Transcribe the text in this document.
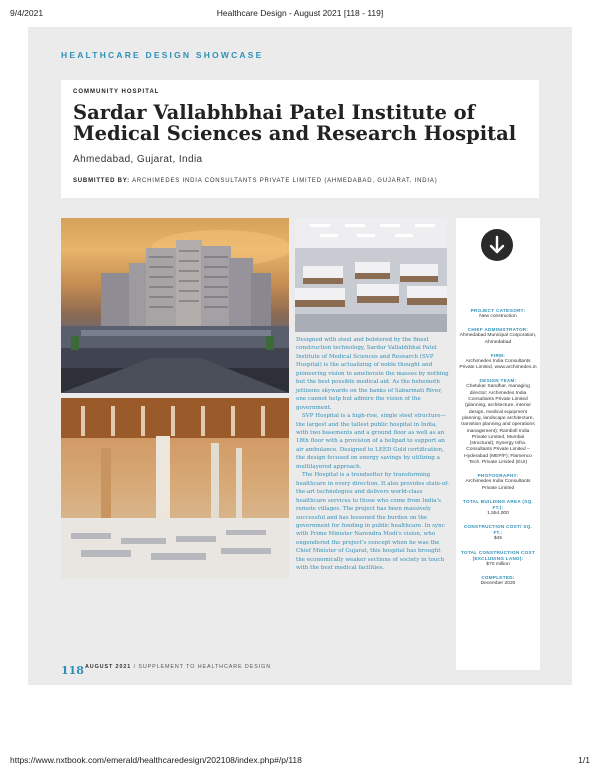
9/4/2021	Healthcare Design - August 2021 [118 - 119]
HEALTHCARE DESIGN SHOWCASE
COMMUNITY HOSPITAL
Sardar Vallabhbhai Patel Institute of Medical Sciences and Research Hospital
Ahmedabad, Gujarat, India
SUBMITTED BY: ARCHIMEDES INDIA CONSULTANTS PRIVATE LIMITED (AHMEDABAD, GUJARAT, INDIA)

Designed with steel and bolstered by the finest construction technology, Sardar Vallabhbhai Patel Institute of Medical Sciences and Research (SVP Hospital) is the actualizing of noble thought and pioneering vision to ameliorate the masses by nothing but the best possible medical aid. As the behemoth jettisons skywards on the banks of Sabarmati River, one cannot help but admire the vision of the government.

SVP Hospital is a high-rise, single steel structure—the largest and the tallest public hospital in India, with two basements and a ground floor as well as an 18th floor with a provision of a helipad to support an air ambulance. Designed to LEED Gold certification, the design focused on energy savings by utilizing a multilayered approach.

The Hospital is a trendsetter by transforming healthcare in every direction. It also provides state-of-the-art technologies and delivers world-class healthcare services to those who come from India's remote villages. The project has been massively successful and has lessened the burden on the government for funding in public healthcare. In sync with Prime Minister Narendra Modi's vision, who engendered the project's concept when he was the Chief Minister of Gujarat, this hospital has brought the economically weaker sections of society in touch with the best medical facilities.

PROJECT CATEGORY:
New construction
CHIEF ADMINISTRATOR:
Ahmedabad Municipal Corporation, Ahmedabad
FIRM:
Archimedes India Consultants Private Limited, www.archimedes.in
DESIGN TEAM:
Chetukar Sandhar, managing director; Archimedes India Consultants Private Limited (planning, architecture, interior design, medical equipment planning, landscape architecture, transition planning and operations management); Ramboll India Private Limited, Mumbai (structural); Synergy Infra. Consultants Private Limited – Hyderabad (MEP/F); Flamenco Tech. Private Limited (EUI)
PHOTOGRAPHY:
Archimedes India Consultants Private Limited
TOTAL BUILDING AREA (SQ. FT.):
1,554,000
CONSTRUCTION COST/ SQ. FT.:
$45
TOTAL CONSTRUCTION COST (EXCLUDING LAND):
$70 million
COMPLETED:
December 2020
118 AUGUST 2021 / SUPPLEMENT TO HEALTHCARE DESIGN
https://www.nxtbook.com/emerald/healthcaredesign/202108/index.php#/p/118	1/1
